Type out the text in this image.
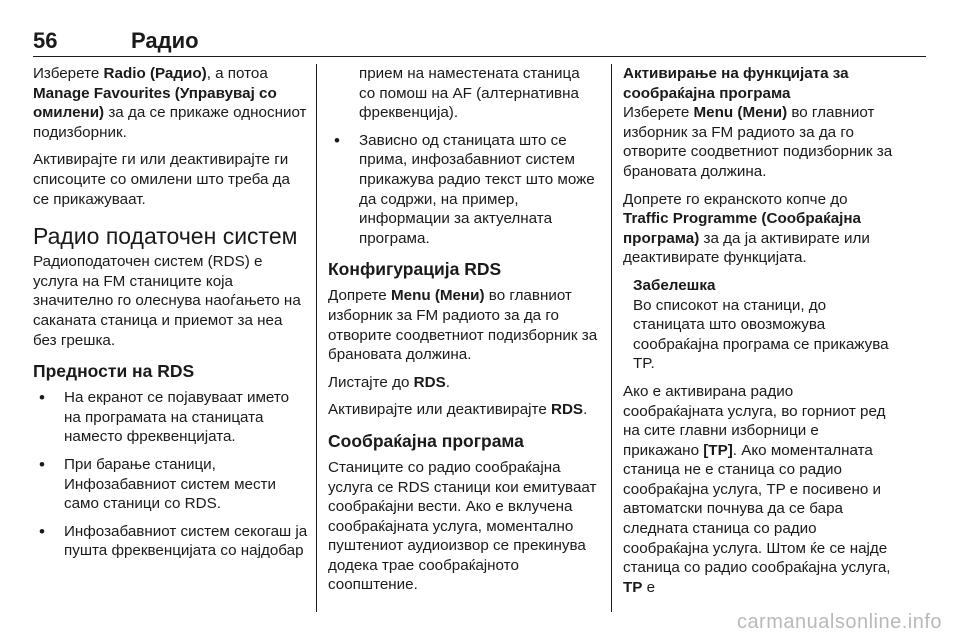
56	Радио

Изберете Radio (Радио), а потоа Manage Favourites (Управувај со омилени) за да се прикаже односниот подизборник.

Активирајте ги или деактивирајте ги списоците со омилени што треба да се прикажуваат.

Радио податочен систем

Радиоподаточен систем (RDS) е услуга на FM станиците која значително го олеснува наоѓањето на саканата станица и приемот за неа без грешка.

Предности на RDS
• На екранот се појавуваат името на програмата на станицата наместо фреквенцијата.
• При барање станици, Инфозабавниот систем мести само станици со RDS.
• Инфозабавниот систем секогаш ја пушта фреквенцијата со најдобар

прием на наместената станица со помош на AF (алтернативна фреквенција).

• Зависно од станицата што се прима, инфозабавниот систем прикажува радио текст што може да содржи, на пример, информации за актуелната програма.
Конфигурација RDS

Допрете Menu (Мени) во главниот изборник за FM радиото за да го отворите соодветниот подизборник за брановата должина.

Листајте до RDS.

Активирајте или деактивирајте RDS.

Сообраќајна програма

Станиците со радио сообраќајна услуга се RDS станици кои емитуваат сообраќајни вести. Ако е вклучена сообраќајната услуга, моментално пуштениот аудиоизвор се прекинува додека трае сообраќајното соопштение.

Активирање на функцијата за сообраќајна програма

Изберете Menu (Мени) во главниот изборник за FM радиото за да го отворите соодветниот подизборник за брановата должина.

Допрете го екранското копче до Traffic Programme (Сообраќајна програма) за да ја активирате или деактивирате функцијата.

Забелешка
Во списокот на станици, до станицата што овозможува сообраќајна програма се прикажува TP.

Ако е активирана радио сообраќајната услуга, во горниот ред на сите главни изборници е прикажано [TP]. Ако моменталната станица не е станица со радио сообраќајна услуга, TP е посивено и автоматски почнува да се бара следната станица со радио сообраќајна услуга. Штом ќе се најде станица со радио сообраќајна услуга, TP е

carmanualsonline.info
